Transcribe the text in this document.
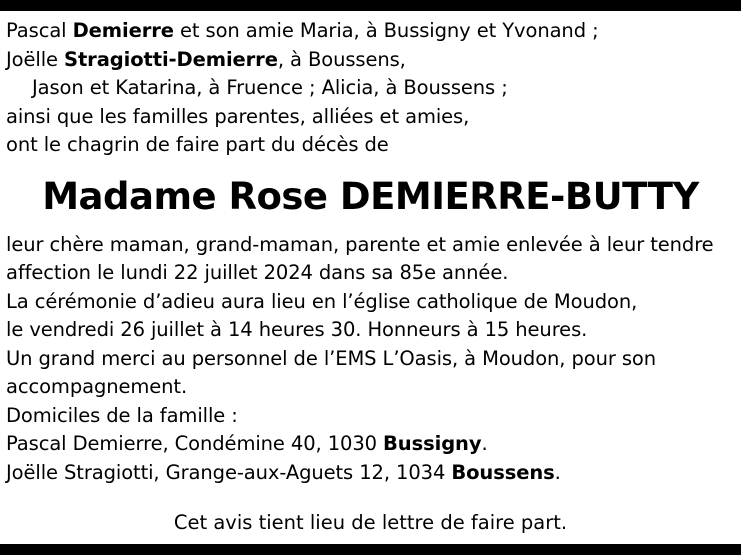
Pascal Demierre et son amie Maria, à Bussigny et Yvonand ;
Joëlle Stragiotti-Demierre, à Boussens,
Jason et Katarina, à Fruence ; Alicia, à Boussens ;
ainsi que les familles parentes, alliées et amies,
ont le chagrin de faire part du décès de
Madame Rose DEMIERRE-BUTTY
leur chère maman, grand-maman, parente et amie enlevée à leur tendre
affection le lundi 22 juillet 2024 dans sa 85e année.
La cérémonie d’adieu aura lieu en l’église catholique de Moudon,
le vendredi 26 juillet à 14 heures 30. Honneurs à 15 heures.
Un grand merci au personnel de l’EMS L’Oasis, à Moudon, pour son
accompagnement.
Domiciles de la famille :
Pascal Demierre, Condémine 40, 1030 Bussigny.
Joëlle Stragiotti, Grange-aux-Aguets 12, 1034 Boussens.
Cet avis tient lieu de lettre de faire part.
